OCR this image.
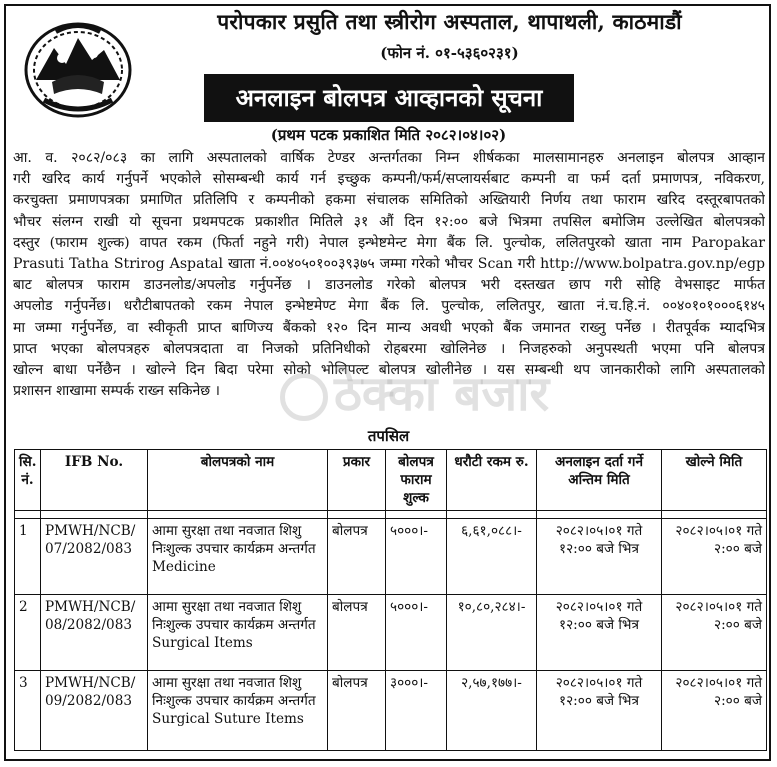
परोपकार प्रसुति तथा स्त्रीरोग अस्पताल, थापाथली, काठमाडौं
(फोन नं. ०१-५३६०२३१)
अनलाइन बोलपत्र आव्हानको सूचना
(प्रथम पटक प्रकाशित मिति २०८२।०४।०२)
आ. व. २०८२/०८३ का लागि अस्पतालको वार्षिक टेण्डर अन्तर्गतका निम्न शीर्षकका मालसामानहरु अनलाइन बोलपत्र आव्हान
गरी खरिद कार्य गर्नुपर्ने भएकोले सोसम्बन्धी कार्य गर्न इच्छुक कम्पनी/फर्म/सप्लायर्सबाट कम्पनी वा फर्म दर्ता प्रमाणपत्र, नविकरण,
करचुक्ता प्रमाणपत्रका प्रमाणित प्रतिलिपि र कम्पनीको हकमा संचालक समितिको अख्तियारी निर्णय तथा फाराम खरिद दस्तूरबापतको
भौचर संलग्न राखी यो सूचना प्रथमपटक प्रकाशीत मितिले ३१ औं दिन १२:०० बजे भित्रमा तपसिल बमोजिम उल्लेखित बोलपत्रको
दस्तुर (फाराम शुल्क) वापत रकम (फिर्ता नहुने गरी) नेपाल इन्भेष्टमेन्ट मेगा बैंक लि. पुल्चोक, ललितपुरको खाता नाम Paropakar
Prasuti Tatha Strirog Aspatal खाता नं.००४०५०१००३९३७५ जम्मा गरेको भौचर Scan गरी http://www.bolpatra.gov.np/egp
बाट बोलपत्र फाराम डाउनलोड/अपलोड गर्नुपर्नेछ । डाउनलोड गरेको बोलपत्र भरी दस्तखत छाप गरी सोहि वेभसाइट मार्फत
अपलोड गर्नुपर्नेछ। धरौटीबापतको रकम नेपाल इन्भेष्टमेण्ट मेगा बैंक लि. पुल्चोक, ललितपुर, खाता नं.च.हि.नं. ००४०१०१०००६१४५
मा जम्मा गर्नुपर्नेछ, वा स्वीकृती प्राप्त बाणिज्य बैंकको १२० दिन मान्य अवधी भएको बैंक जमानत राख्नु पर्नेछ । रीतपूर्वक म्यादभित्र
प्राप्त भएका बोलपत्रहरु बोलपत्रदाता वा निजको प्रतिनिधीको रोहबरमा खोलिनेछ । निजहरुको अनुपस्थती भएमा पनि बोलपत्र
खोल्न बाधा पर्नेछैन । खोल्ने दिन बिदा परेमा सोको भोलिपल्ट बोलपत्र खोलीनेछ । यस सम्बन्धी थप जानकारीको लागि अस्पतालको
प्रशासन शाखामा सम्पर्क राख्न सकिनेछ ।	ठेक्का बजार
तपसिल
सि. नं.	IFB No.	बोलपत्रको नाम	प्रकार	बोलपत्र फाराम शुल्क	धरौटी रकम रु.	अनलाइन दर्ता गर्ने अन्तिम मिति	खोल्ने मिति

1	PMWH/NCB/ 07/2082/083	आमा सुरक्षा तथा नवजात शिशु निःशुल्क उपचार कार्यक्रम अन्तर्गत Medicine	बोलपत्र	५०००।-	६,६१,०८८।-	२०८२।०५।०१ गते १२:०० बजे भित्र	२०८२।०५।०१ गते २:०० बजे
2	PMWH/NCB/ 08/2082/083	आमा सुरक्षा तथा नवजात शिशु निःशुल्क उपचार कार्यक्रम अन्तर्गत Surgical Items	बोलपत्र	५०००।-	१०,८०,२८४।-	२०८२।०५।०१ गते १२:०० बजे भित्र	२०८२।०५।०१ गते २:०० बजे
3	PMWH/NCB/ 09/2082/083	आमा सुरक्षा तथा नवजात शिशु निःशुल्क उपचार कार्यक्रम अन्तर्गत Surgical Suture Items	बोलपत्र	३०००।-	२,५७,१७७।-	२०८२।०५।०१ गते १२:०० बजे भित्र	२०८२।०५।०१ गते २:०० बजे
